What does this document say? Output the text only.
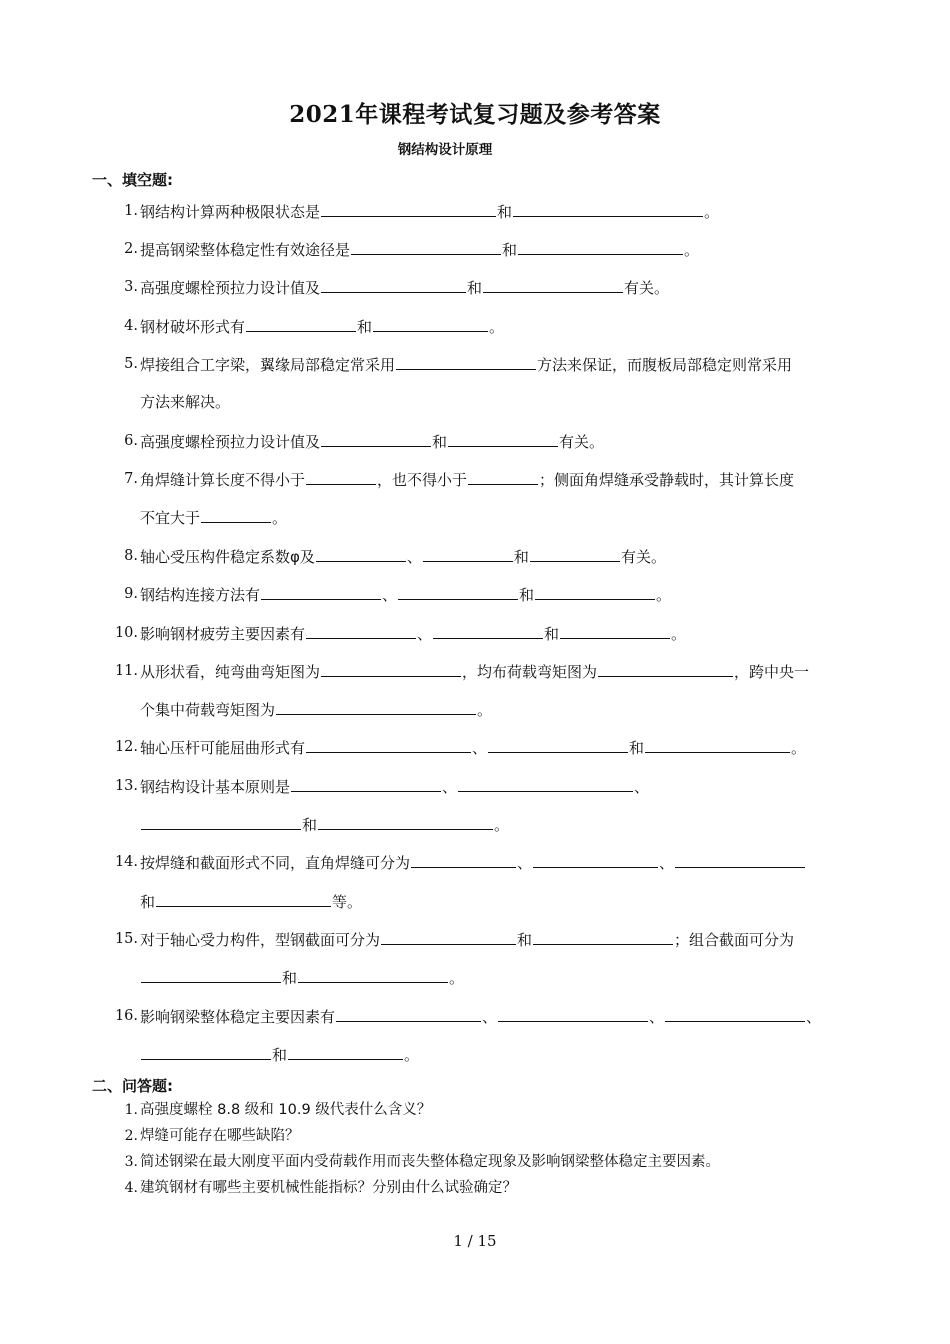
2021年课程考试复习题及参考答案
钢结构设计原理
一、填空题:
1. 钢结构计算两种极限状态是	和	。
2. 提高钢梁整体稳定性有效途径是	和	。
3. 高强度螺栓预拉力设计值及	和	有关。
4. 钢材破坏形式有	和	。
5. 焊接组合工字梁，翼缘局部稳定常采用	方法来保证，而腹板局部稳定则常采用
方法来解决。
6. 高强度螺栓预拉力设计值及	和	有关。
7. 角焊缝计算长度不得小于	，也不得小于	；侧面角焊缝承受静载时，其计算长度
不宜大于	。
8. 轴心受压构件稳定系数φ及	、	和	有关。
9. 钢结构连接方法有	、	和	。
10. 影响钢材疲劳主要因素有	、	和	。
11. 从形状看，纯弯曲弯矩图为	，均布荷载弯矩图为	，跨中央一
个集中荷载弯矩图为	。
12. 轴心压杆可能屈曲形式有	、	和	。
13. 钢结构设计基本原则是	、	、
和	。
14. 按焊缝和截面形式不同，直角焊缝可分为	、	、
和	等。
15. 对于轴心受力构件，型钢截面可分为	和	；组合截面可分为
和	。
16. 影响钢梁整体稳定主要因素有	、	、	、
和	。
二、问答题:
1. 高强度螺栓 8.8 级和 10.9 级代表什么含义？
2. 焊缝可能存在哪些缺陷？
3. 简述钢梁在最大刚度平面内受荷载作用而丧失整体稳定现象及影响钢梁整体稳定主要因素。
4. 建筑钢材有哪些主要机械性能指标？分别由什么试验确定？
1 / 15
